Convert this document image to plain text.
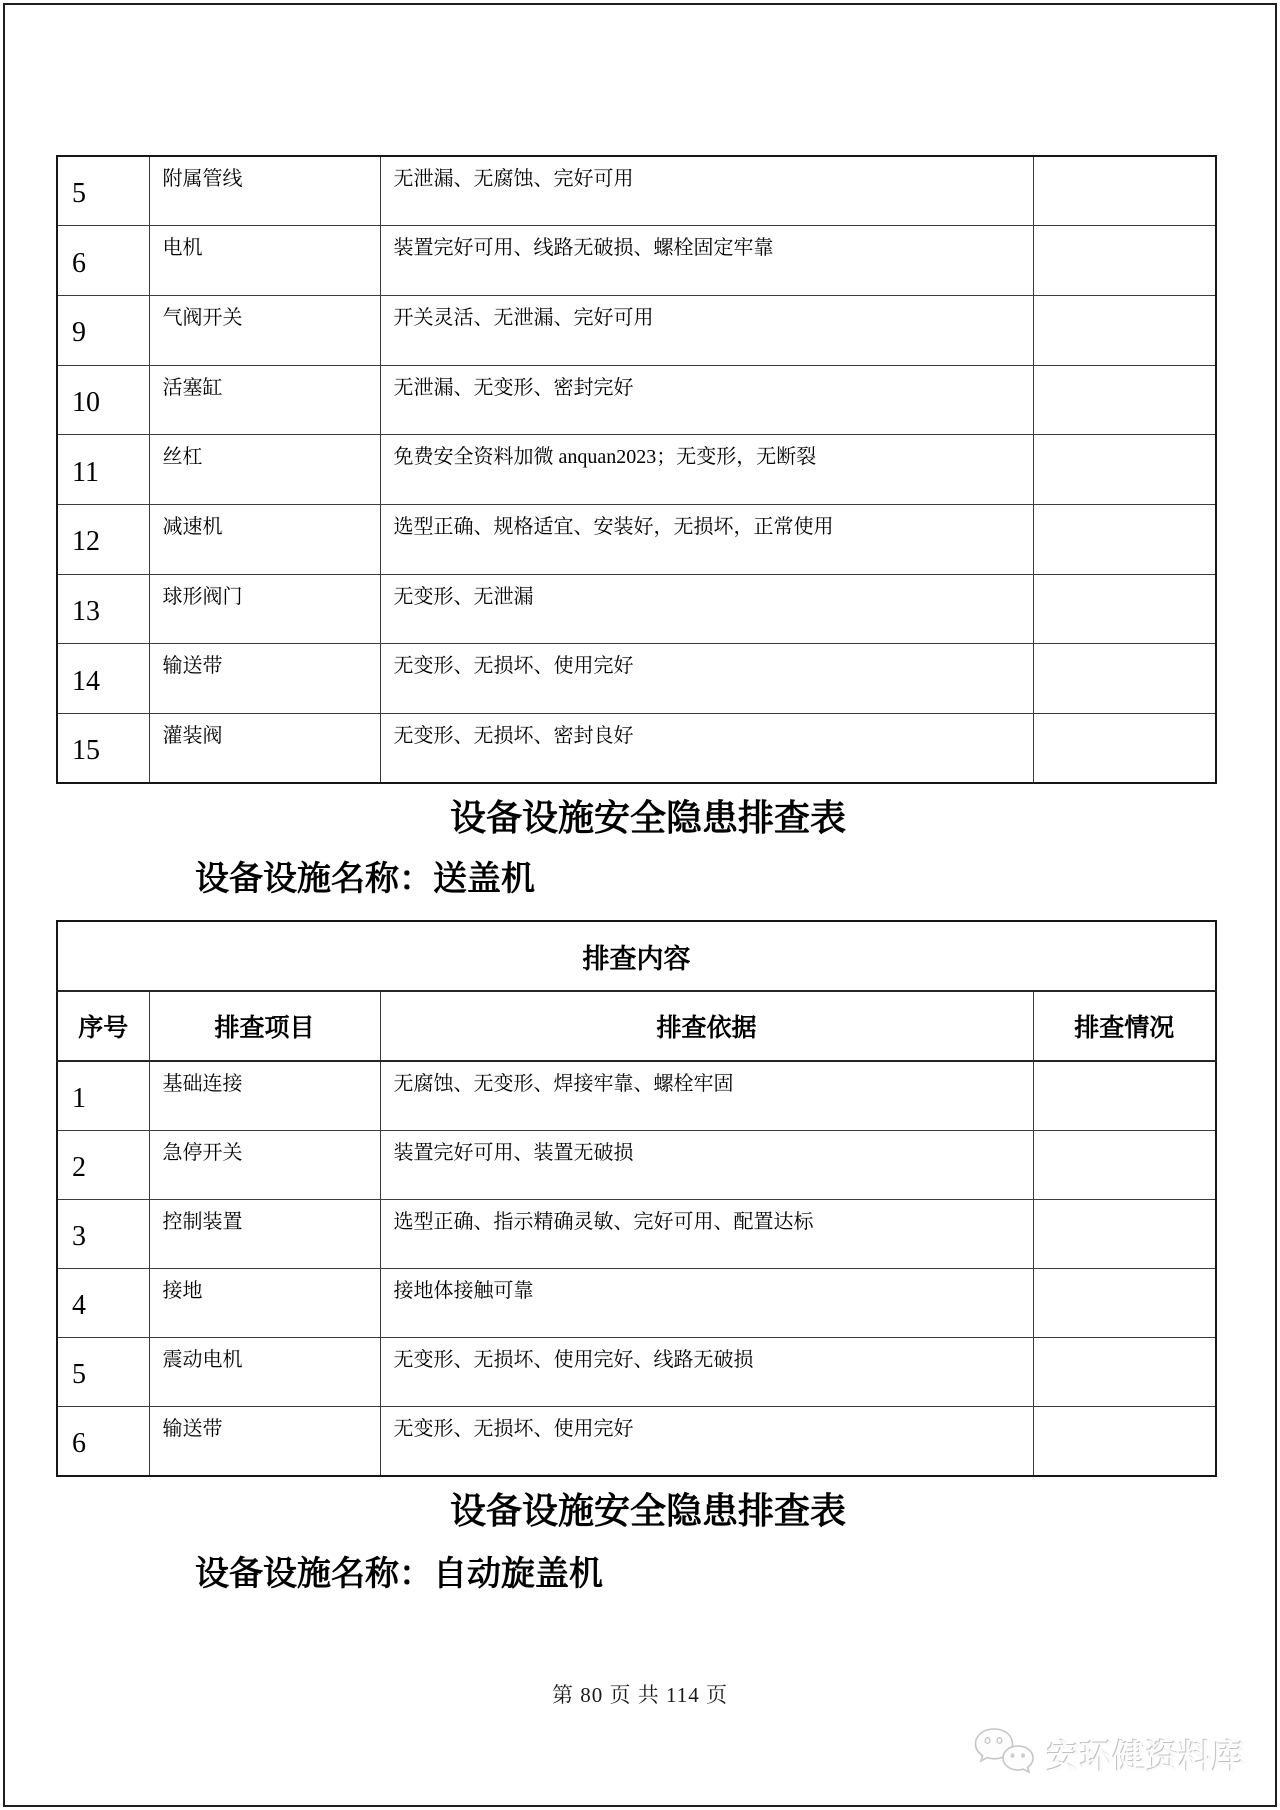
5	附属管线	无泄漏、无腐蚀、完好可用	
6	电机	装置完好可用、线路无破损、螺栓固定牢靠	
9	气阀开关	开关灵活、无泄漏、完好可用	
10	活塞缸	无泄漏、无变形、密封完好	
11	丝杠	免费安全资料加微 anquan2023；无变形，无断裂	
12	减速机	选型正确、规格适宜、安装好，无损坏，正常使用	
13	球形阀门	无变形、无泄漏	
14	输送带	无变形、无损坏、使用完好	
15	灌装阀	无变形、无损坏、密封良好	
设备设施安全隐患排查表
设备设施名称：送盖机
排查内容			
序号	排查项目	排查依据	排查情况
1	基础连接	无腐蚀、无变形、焊接牢靠、螺栓牢固	
2	急停开关	装置完好可用、装置无破损	
3	控制装置	选型正确、指示精确灵敏、完好可用、配置达标	
4	接地	接地体接触可靠	
5	震动电机	无变形、无损坏、使用完好、线路无破损	
6	输送带	无变形、无损坏、使用完好	
设备设施安全隐患排查表
设备设施名称：自动旋盖机
第 80 页 共 114 页
安环健资料库
